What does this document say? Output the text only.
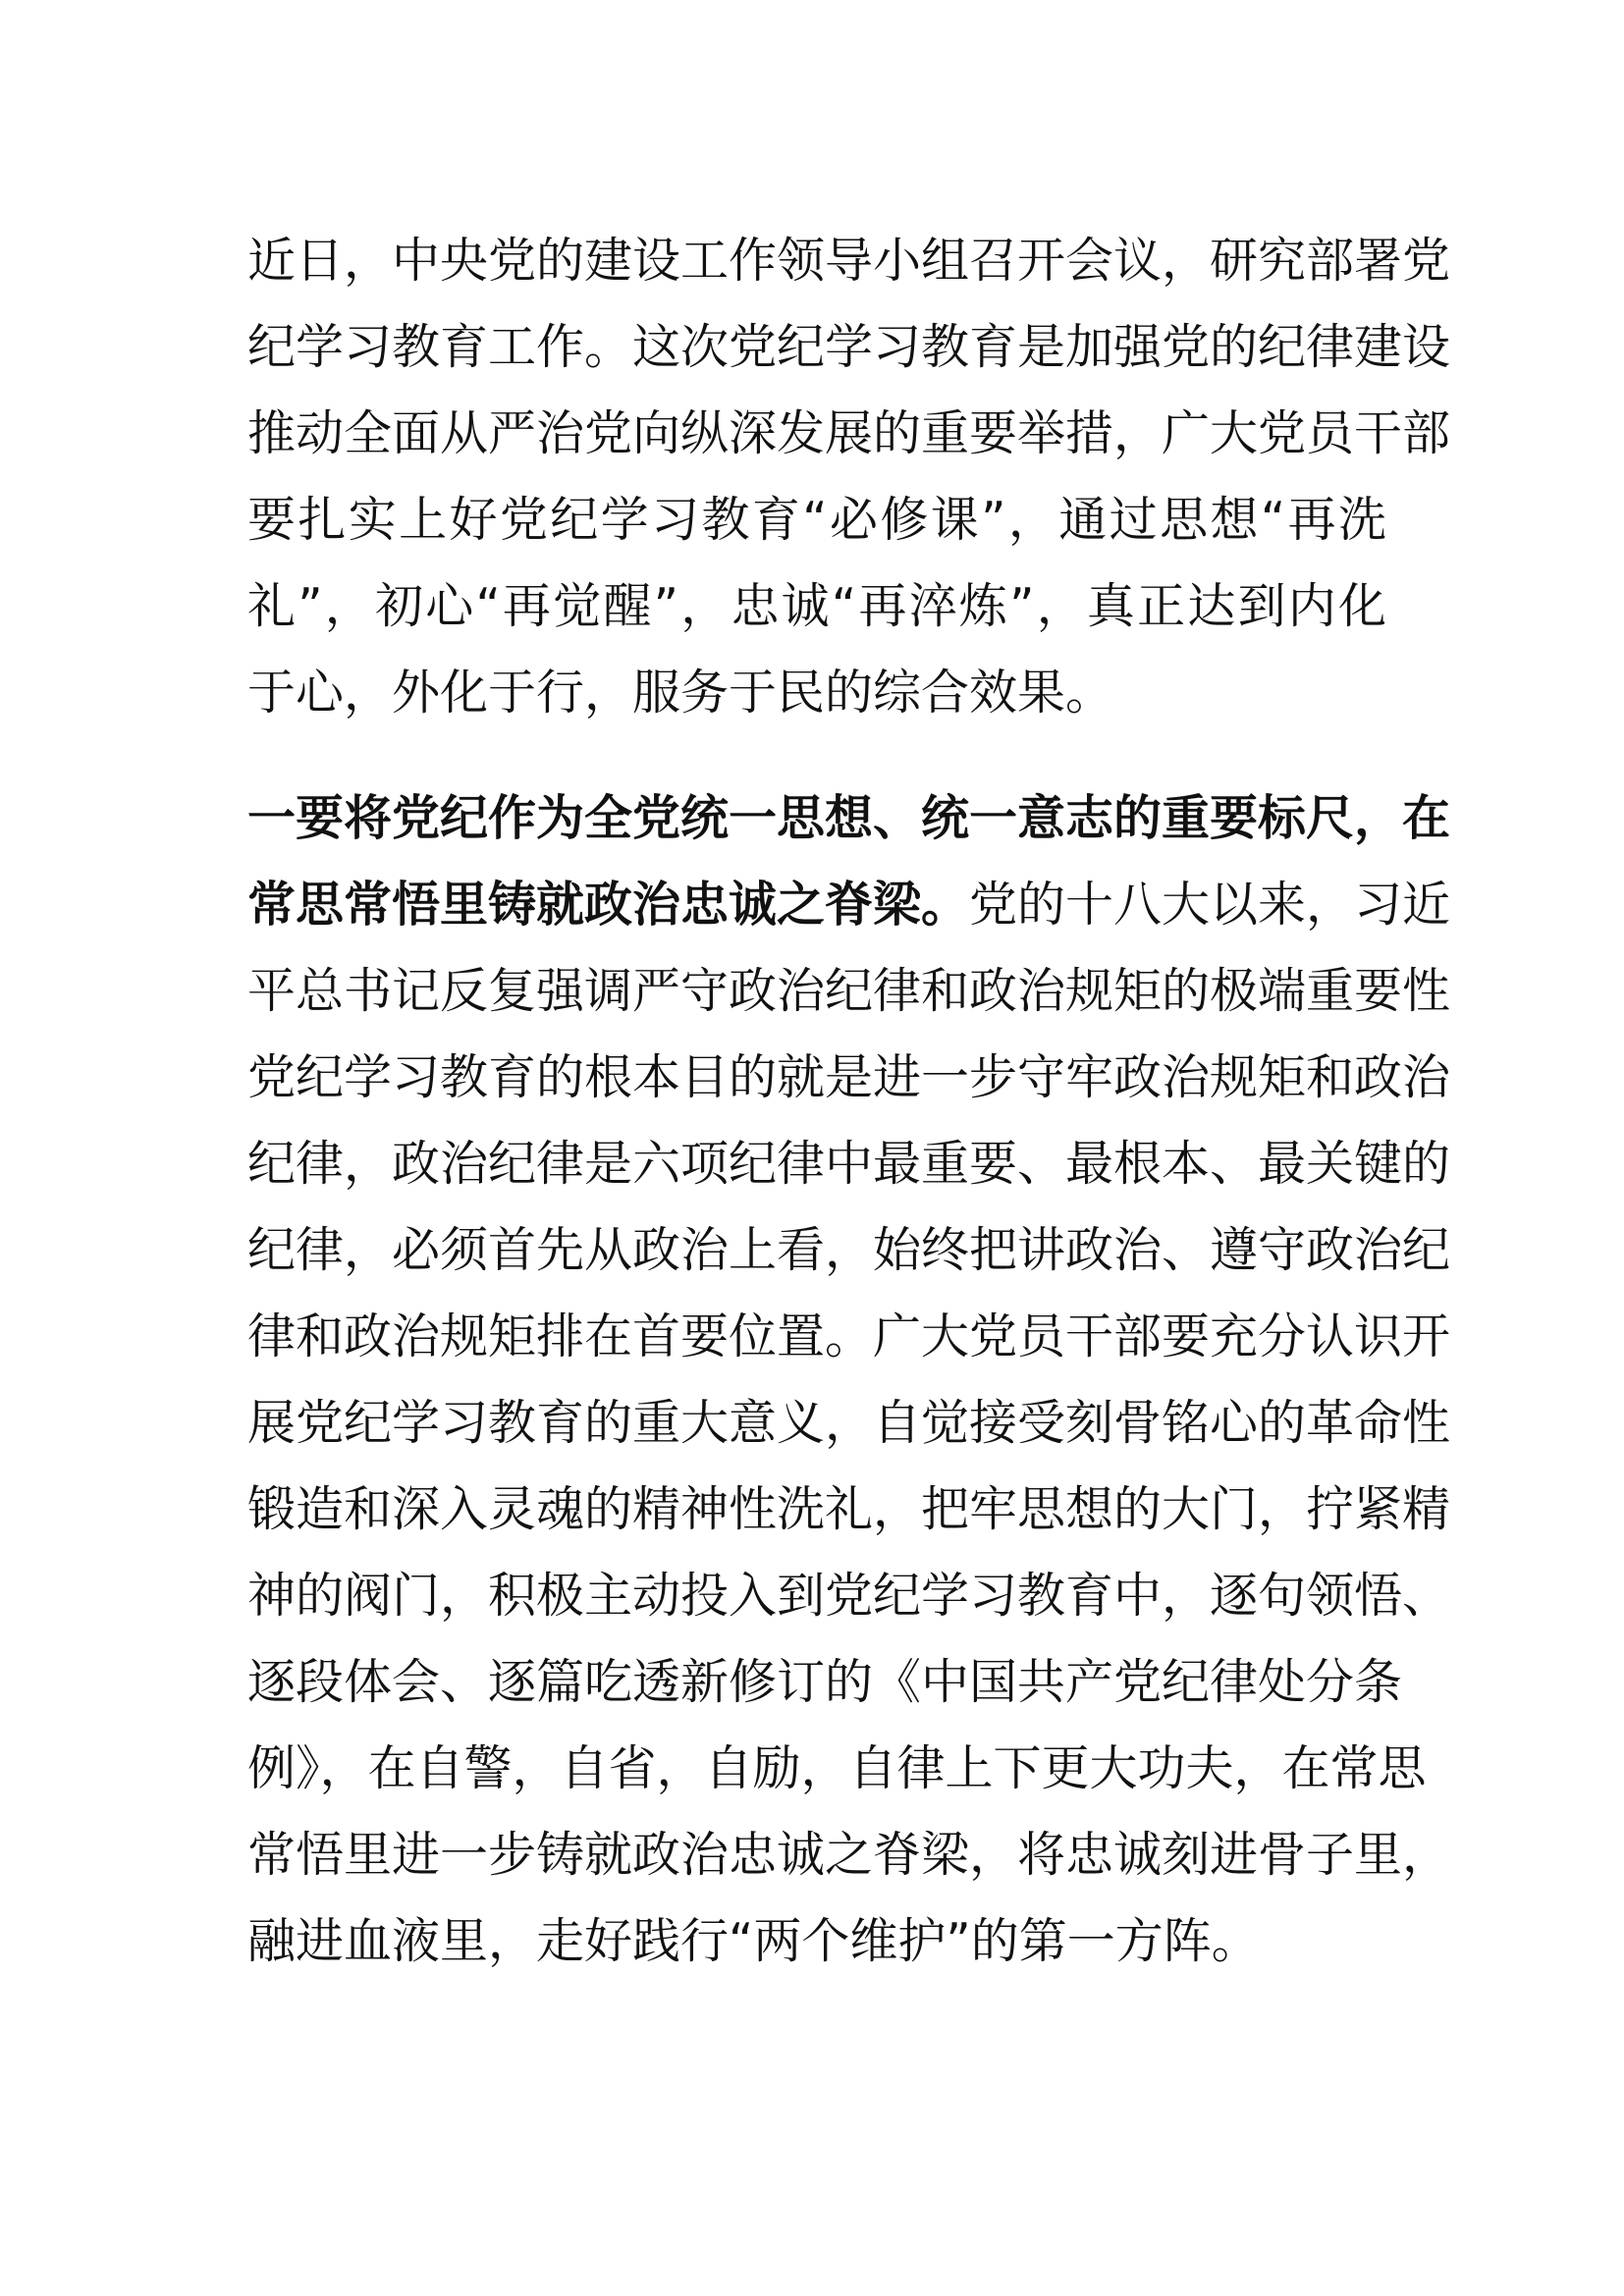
近日，中央党的建设工作领导小组召开会议，研究部署党
纪学习教育工作。这次党纪学习教育是加强党的纪律建设
推动全面从严治党向纵深发展的重要举措，广大党员干部
要扎实上好党纪学习教育“必修课”，通过思想“再洗
礼”，初心“再觉醒”，忠诚“再淬炼”，真正达到内化
于心，外化于行，服务于民的综合效果。
一要将党纪作为全党统一思想、统一意志的重要标尺，在
常思常悟里铸就政治忠诚之脊梁。党的十八大以来，习近
平总书记反复强调严守政治纪律和政治规矩的极端重要性
党纪学习教育的根本目的就是进一步守牢政治规矩和政治
纪律，政治纪律是六项纪律中最重要、最根本、最关键的
纪律，必须首先从政治上看，始终把讲政治、遵守政治纪
律和政治规矩排在首要位置。广大党员干部要充分认识开
展党纪学习教育的重大意义，自觉接受刻骨铭心的革命性
锻造和深入灵魂的精神性洗礼，把牢思想的大门，拧紧精
神的阀门，积极主动投入到党纪学习教育中，逐句领悟、
逐段体会、逐篇吃透新修订的《中国共产党纪律处分条
例》，在自警，自省，自励，自律上下更大功夫，在常思
常悟里进一步铸就政治忠诚之脊梁，将忠诚刻进骨子里，
融进血液里，走好践行“两个维护”的第一方阵。
